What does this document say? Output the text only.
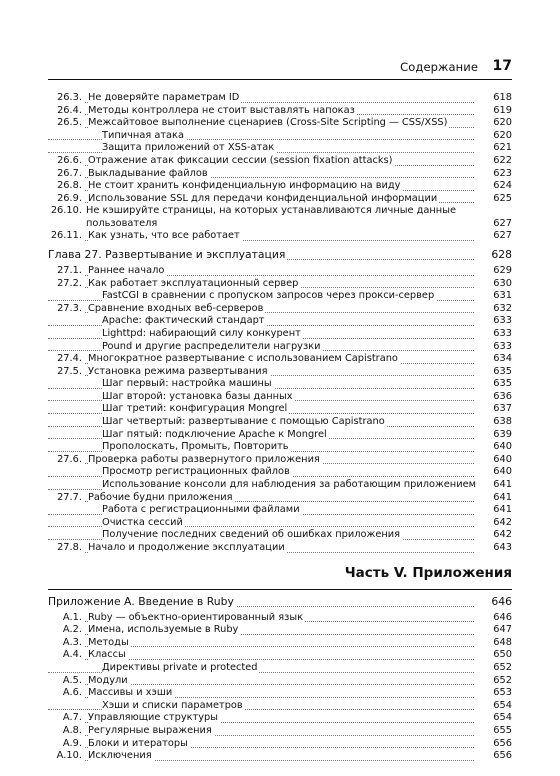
Содержание 17
26.3. Не доверяйте параметрам ID	618
26.4. Методы контроллера не стоит выставлять напоказ	619
26.5. Межсайтовое выполнение сценариев (Cross-Site Scripting — CSS/XSS)	620
Типичная атака	620
Защита приложений от XSS-атак	621
26.6. Отражение атак фиксации сессии (session fixation attacks)	622
26.7. Выкладывание файлов	623
26.8. Не стоит хранить конфиденциальную информацию на виду	624
26.9. Использование SSL для передачи конфиденциальной информации	625
26.10. Не кэшируйте страницы, на которых устанавливаются личные данные пользователя	627
26.11. Как узнать, что все работает	627
Глава 27. Развертывание и эксплуатация	628
27.1. Раннее начало	629
27.2. Как работает эксплуатационный сервер	630
FastCGI в сравнении с пропуском запросов через прокси-сервер	631
27.3. Сравнение входных веб-серверов	632
Apache: фактический стандарт	633
Lighttpd: набирающий силу конкурент	633
Pound и другие распределители нагрузки	633
27.4. Многократное развертывание с использованием Capistrano	634
27.5. Установка режима развертывания	635
Шаг первый: настройка машины	635
Шаг второй: установка базы данных	636
Шаг третий: конфигурация Mongrel	637
Шаг четвертый: развертывание с помощью Capistrano	638
Шаг пятый: подключение Apache к Mongrel	639
Прополоскать, Промыть, Повторить	640
27.6. Проверка работы развернутого приложения	640
Просмотр регистрационных файлов	640
Использование консоли для наблюдения за работающим приложением 641
27.7. Рабочие будни приложения	641
Работа с регистрационными файлами	641
Очистка сессий	642
Получение последних сведений об ошибках приложения	642
27.8. Начало и продолжение эксплуатации	643
Часть V. Приложения
Приложение А. Введение в Ruby	646
А.1. Ruby — объектно-ориентированный язык	646
А.2. Имена, используемые в Ruby	647
А.3. Методы	648
А.4. Классы	650
Директивы private и protected	652
А.5. Модули	652
А.6. Массивы и хэши	653
Хэши и списки параметров	654
А.7. Управляющие структуры	654
А.8. Регулярные выражения	655
А.9. Блоки и итераторы	656
А.10. Исключения	656
